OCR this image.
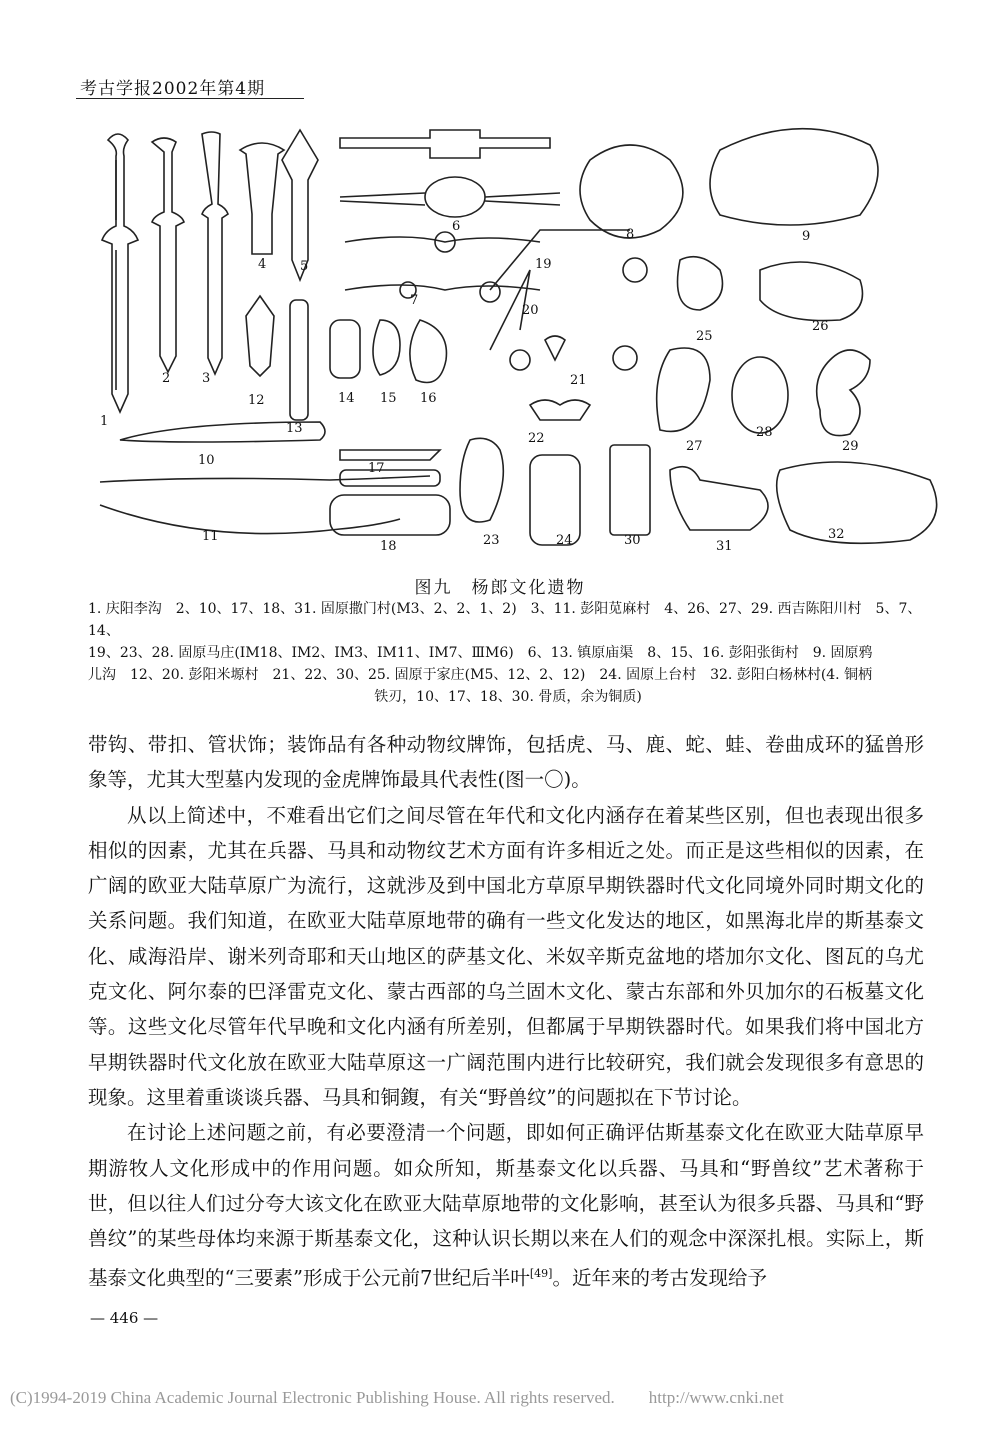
考古学报2002年第4期
1
2 3
4	5
6
7
8	9
10
11
12
13
14 15 16
17
18
19
20
21
22
23	24
25
26
27
28
29
30	31
32
图九　杨郎文化遗物

1. 庆阳李沟　2、10、17、18、31. 固原撒门村(M3、2、2、1、2)　3、11. 彭阳苋麻村　4、26、27、29. 西吉陈阳川村　5、7、14、

19、23、28. 固原马庄(ⅠM18、ⅠM2、ⅠM3、ⅠM11、ⅠM7、ⅢM6)　6、13. 镇原庙渠　8、15、16. 彭阳张街村　9. 固原鸦

儿沟　12、20. 彭阳米塬村　21、22、30、25. 固原于家庄(M5、12、2、12)　24. 固原上台村　32. 彭阳白杨林村(4. 铜柄

铁刃，10、17、18、30. 骨质，余为铜质)

带钩、带扣、管状饰；装饰品有各种动物纹牌饰，包括虎、马、鹿、蛇、蛙、卷曲成环的猛兽形象等，尤其大型墓内发现的金虎牌饰最具代表性(图一〇)。

从以上简述中，不难看出它们之间尽管在年代和文化内涵存在着某些区别，但也表现出很多相似的因素，尤其在兵器、马具和动物纹艺术方面有许多相近之处。而正是这些相似的因素，在广阔的欧亚大陆草原广为流行，这就涉及到中国北方草原早期铁器时代文化同境外同时期文化的关系问题。我们知道，在欧亚大陆草原地带的确有一些文化发达的地区，如黑海北岸的斯基泰文化、咸海沿岸、谢米列奇耶和天山地区的萨基文化、米奴辛斯克盆地的塔加尔文化、图瓦的乌尤克文化、阿尔泰的巴泽雷克文化、蒙古西部的乌兰固木文化、蒙古东部和外贝加尔的石板墓文化等。这些文化尽管年代早晚和文化内涵有所差别，但都属于早期铁器时代。如果我们将中国北方早期铁器时代文化放在欧亚大陆草原这一广阔范围内进行比较研究，我们就会发现很多有意思的现象。这里着重谈谈兵器、马具和铜鍑，有关“野兽纹”的问题拟在下节讨论。

在讨论上述问题之前，有必要澄清一个问题，即如何正确评估斯基泰文化在欧亚大陆草原早期游牧人文化形成中的作用问题。如众所知，斯基泰文化以兵器、马具和“野兽纹”艺术著称于世，但以往人们过分夸大该文化在欧亚大陆草原地带的文化影响，甚至认为很多兵器、马具和“野兽纹”的某些母体均来源于斯基泰文化，这种认识长期以来在人们的观念中深深扎根。实际上，斯基泰文化典型的“三要素”形成于公元前7世纪后半叶[49]。近年来的考古发现给予

— 446 —
(C)1994-2019 China Academic Journal Electronic Publishing House. All rights reserved.　　http://www.cnki.net
